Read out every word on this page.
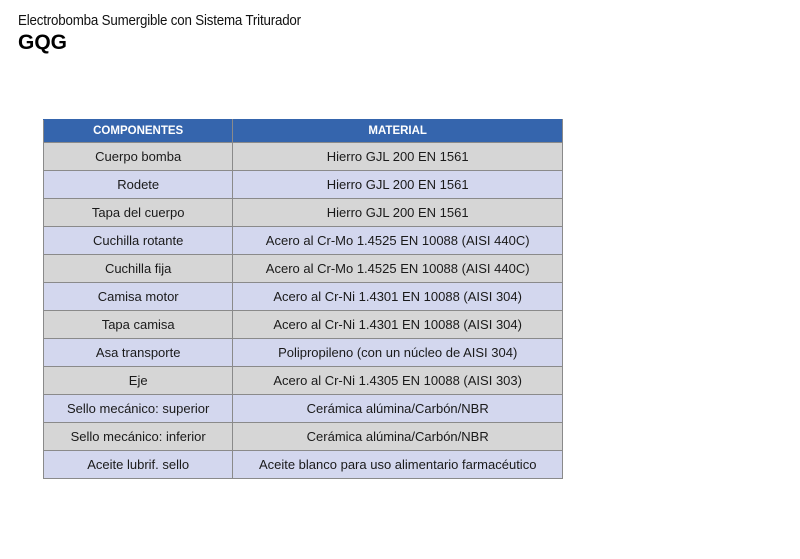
Electrobomba Sumergible con Sistema Triturador
GQG
COMPONENTES	MATERIAL
Cuerpo bomba	Hierro GJL 200 EN 1561
Rodete	Hierro GJL 200 EN 1561
Tapa del cuerpo	Hierro GJL 200 EN 1561
Cuchilla rotante	Acero al Cr-Mo 1.4525 EN 10088 (AISI 440C)
Cuchilla fija	Acero al Cr-Mo 1.4525 EN 10088 (AISI 440C)
Camisa motor	Acero al Cr-Ni 1.4301 EN 10088 (AISI 304)
Tapa camisa	Acero al Cr-Ni 1.4301 EN 10088 (AISI 304)
Asa transporte	Polipropileno (con un núcleo de AISI 304)
Eje	Acero al Cr-Ni 1.4305 EN 10088 (AISI 303)
Sello mecánico: superior	Cerámica alúmina/Carbón/NBR
Sello mecánico: inferior	Cerámica alúmina/Carbón/NBR
Aceite lubrif. sello	Aceite blanco para uso alimentario farmacéutico
